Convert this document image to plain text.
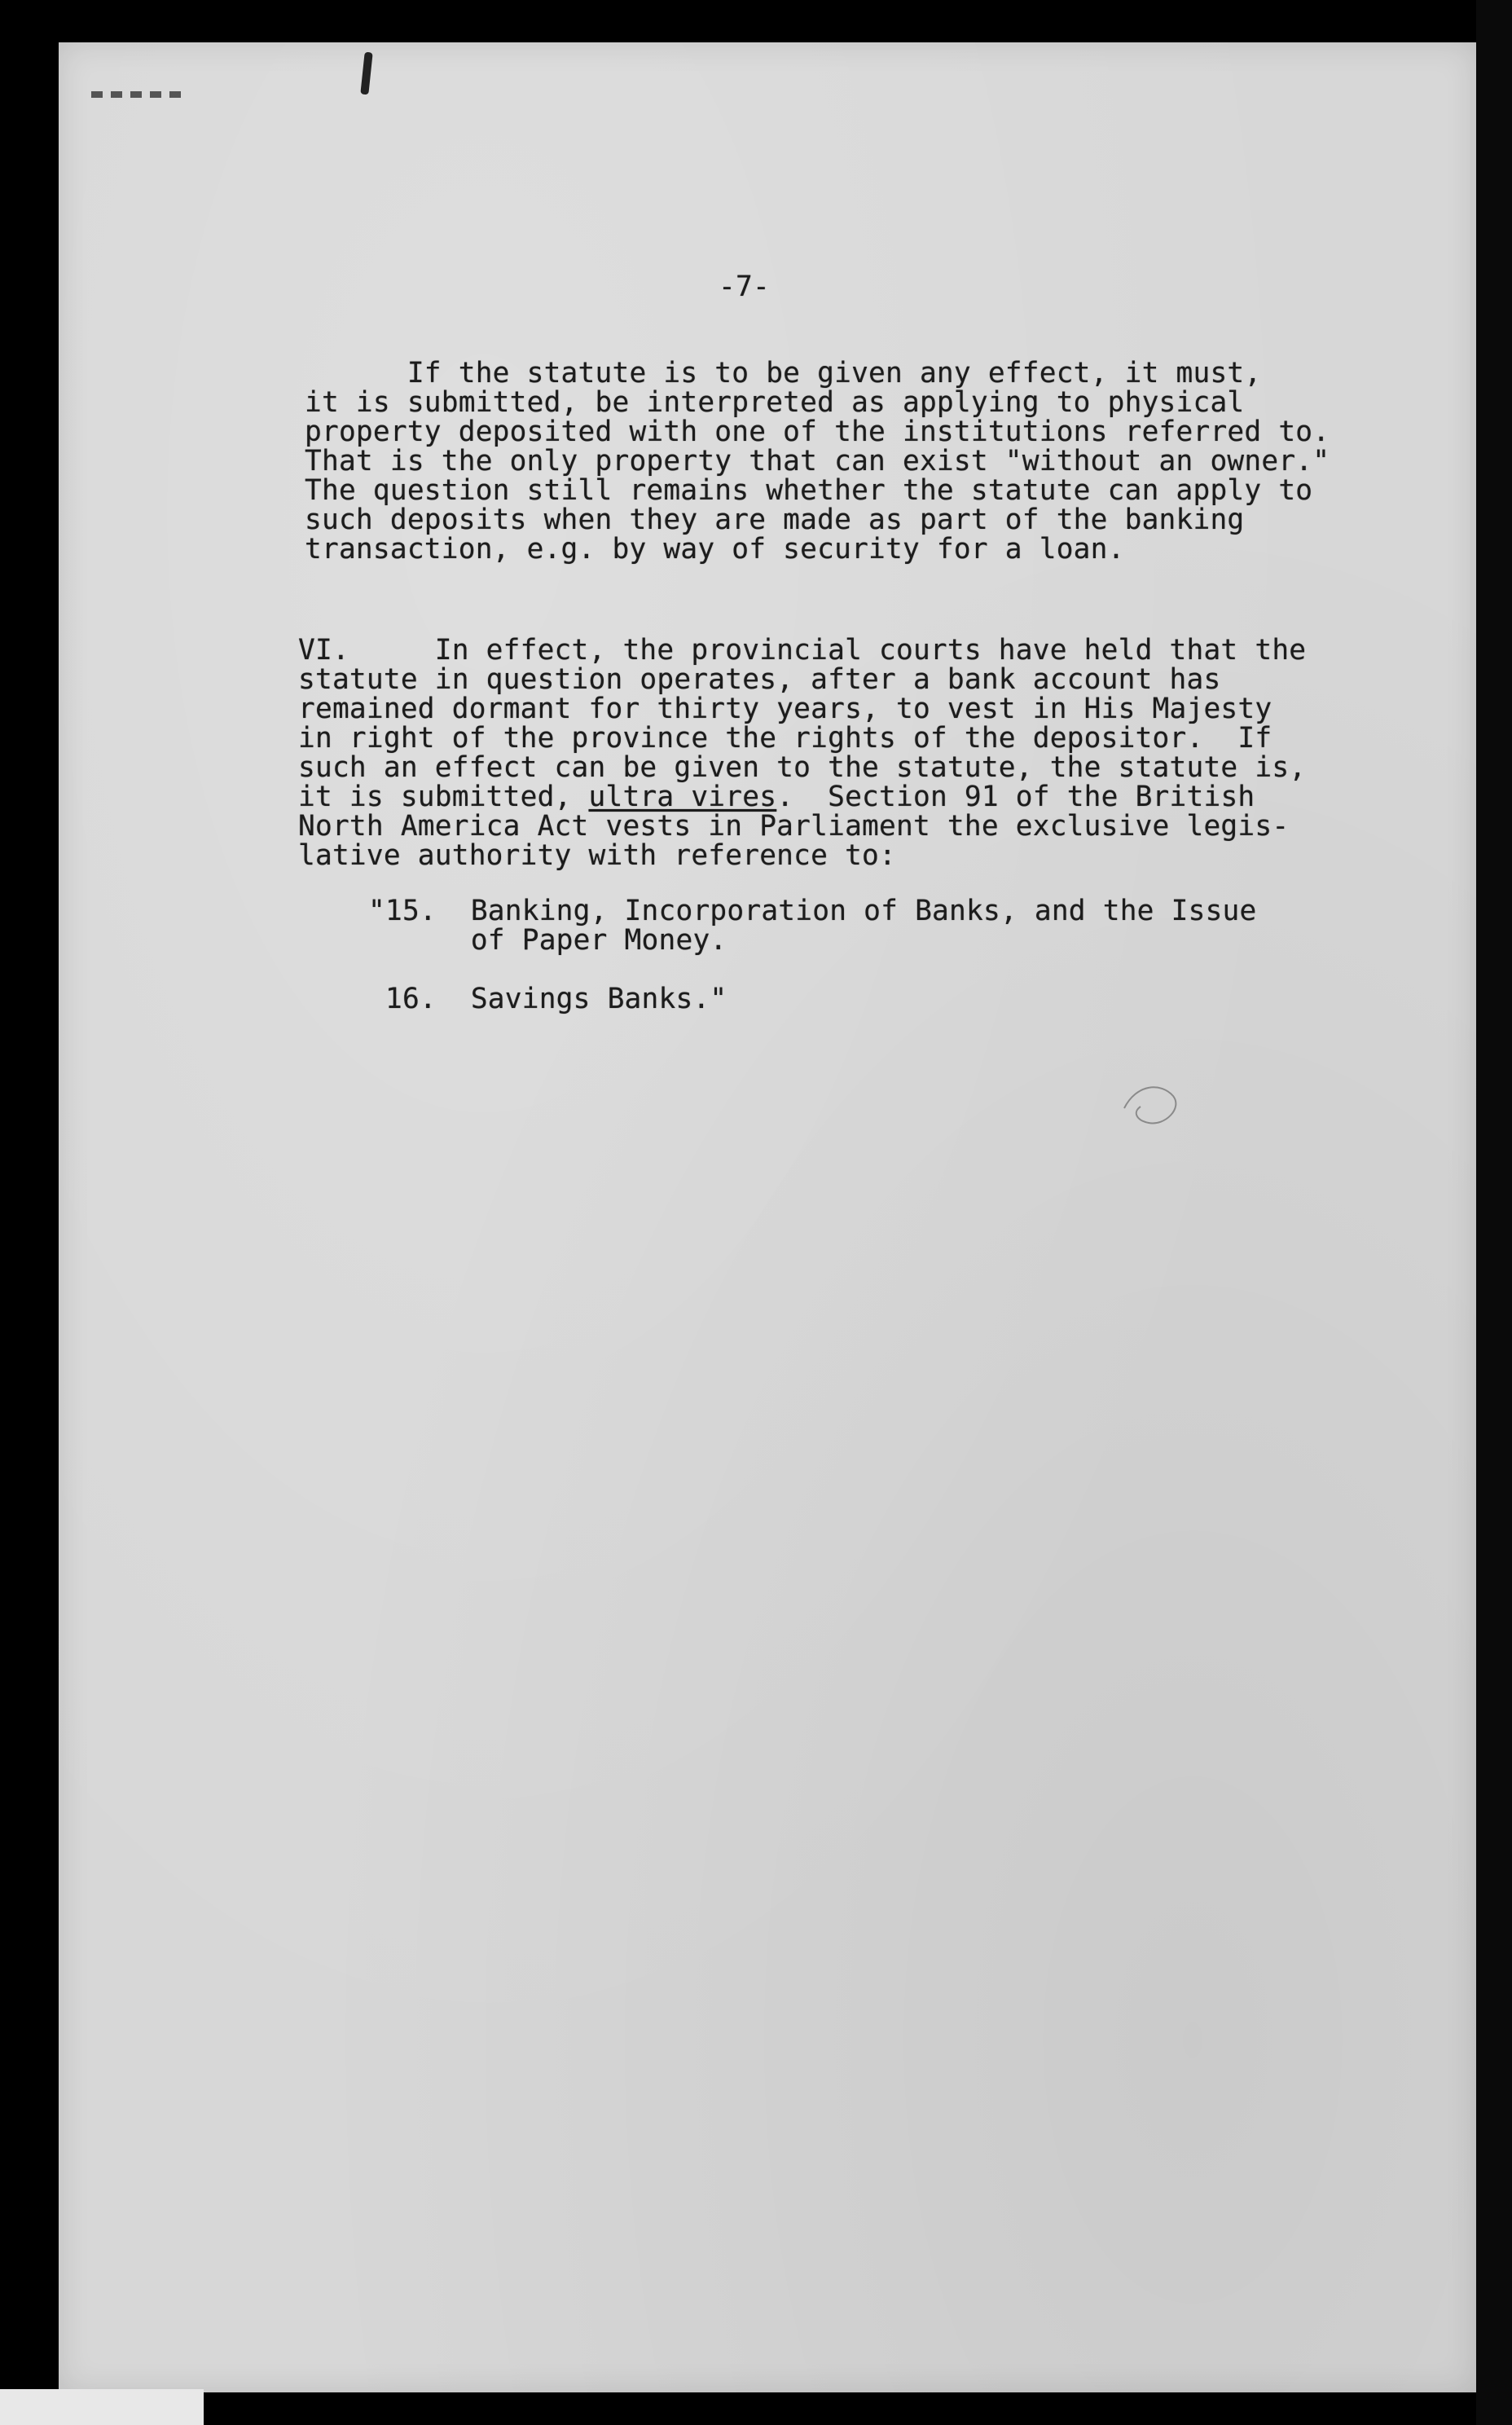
-7-
If the statute is to be given any effect, it must,
it is submitted, be interpreted as applying to physical
property deposited with one of the institutions referred to.
That is the only property that can exist "without an owner."
The question still remains whether the statute can apply to
such deposits when they are made as part of the banking
transaction, e.g. by way of security for a loan.
VI.     In effect, the provincial courts have held that the
statute in question operates, after a bank account has
remained dormant for thirty years, to vest in His Majesty
in right of the province the rights of the depositor.  If
such an effect can be given to the statute, the statute is,
it is submitted, ultra vires.  Section 91 of the British
North America Act vests in Parliament the exclusive legis-
lative authority with reference to:
"15.  Banking, Incorporation of Banks, and the Issue
of Paper Money.
16.  Savings Banks."
